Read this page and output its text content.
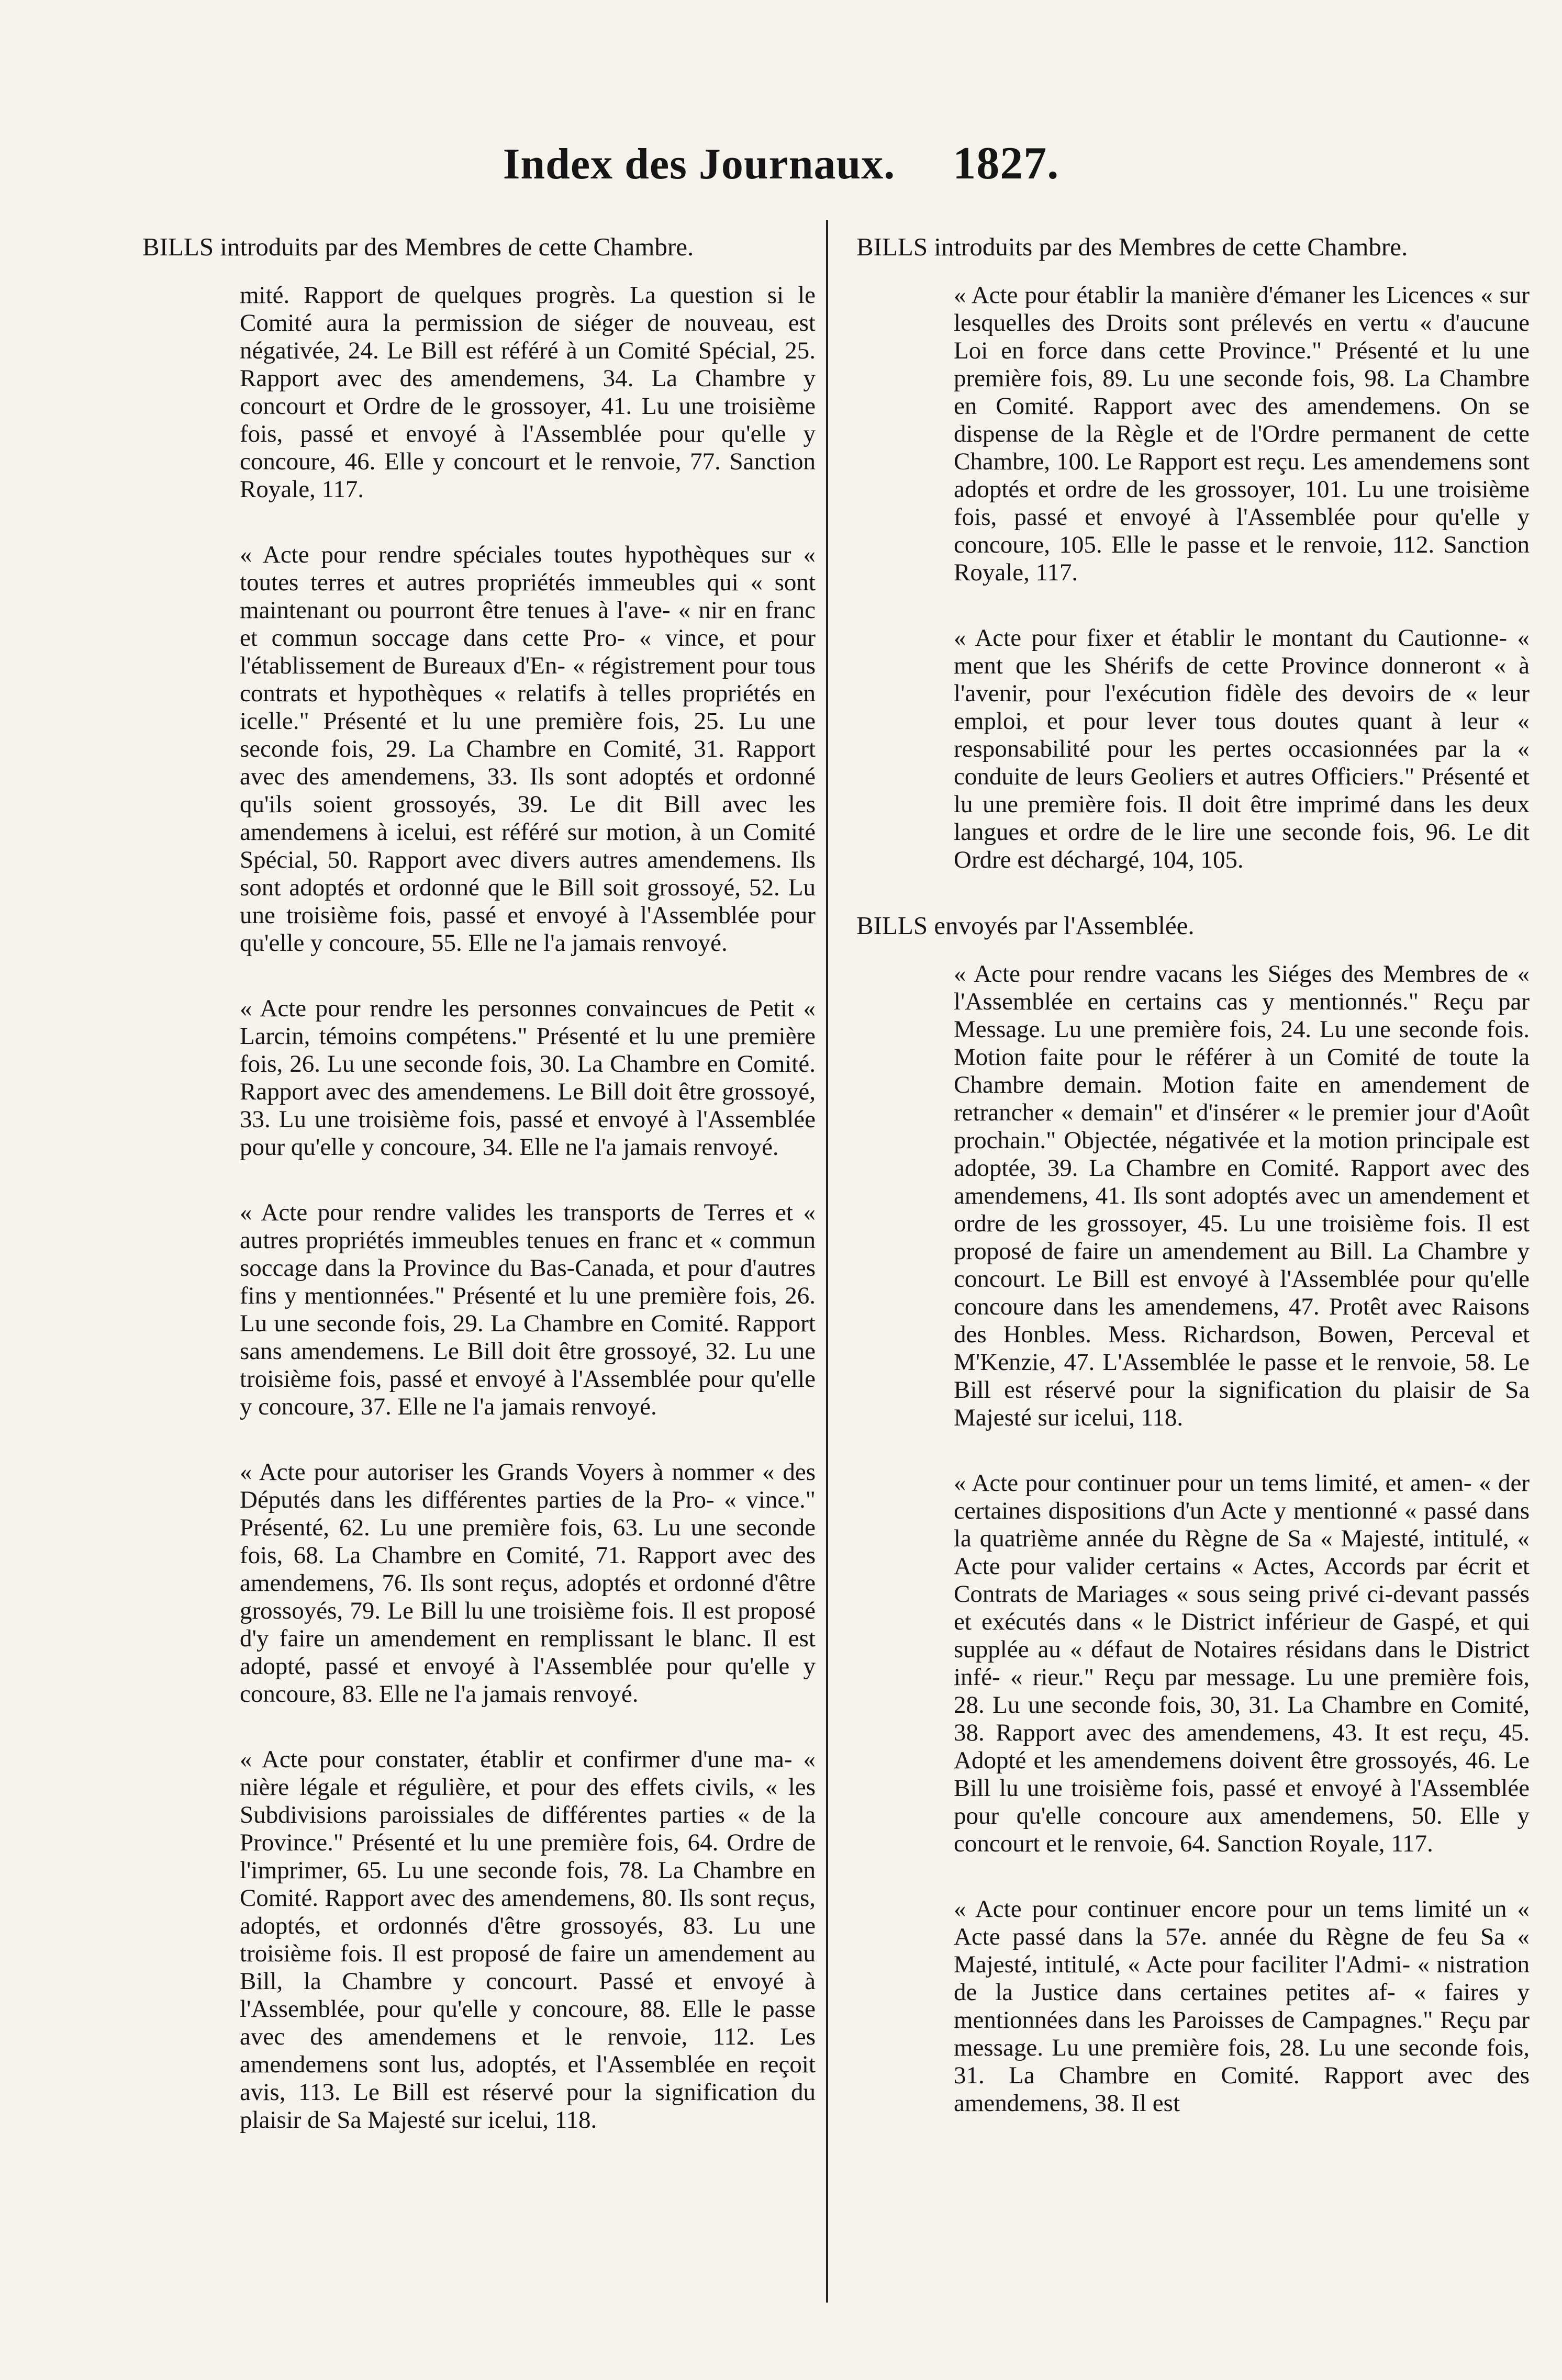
Index des Journaux. 1827.
BILLS introduits par des Membres de cette Chambre.

mité. Rapport de quelques progrès. La question si le Comité aura la permission de siéger de nouveau, est négativée, 24. Le Bill est référé à un Comité Spécial, 25. Rapport avec des amendemens, 34. La Chambre y concourt et Ordre de le grossoyer, 41. Lu une troisième fois, passé et envoyé à l'Assemblée pour qu'elle y concoure, 46. Elle y concourt et le renvoie, 77. Sanction Royale, 117.

« Acte pour rendre spéciales toutes hypothèques sur « toutes terres et autres propriétés immeubles qui « sont maintenant ou pourront être tenues à l'ave- « nir en franc et commun soccage dans cette Pro- « vince, et pour l'établissement de Bureaux d'En- « régistrement pour tous contrats et hypothèques « relatifs à telles propriétés en icelle." Présenté et lu une première fois, 25. Lu une seconde fois, 29. La Chambre en Comité, 31. Rapport avec des amendemens, 33. Ils sont adoptés et ordonné qu'ils soient grossoyés, 39. Le dit Bill avec les amendemens à icelui, est référé sur motion, à un Comité Spécial, 50. Rapport avec divers autres amendemens. Ils sont adoptés et ordonné que le Bill soit grossoyé, 52. Lu une troisième fois, passé et envoyé à l'Assemblée pour qu'elle y concoure, 55. Elle ne l'a jamais renvoyé.

« Acte pour rendre les personnes convaincues de Petit « Larcin, témoins compétens." Présenté et lu une première fois, 26. Lu une seconde fois, 30. La Chambre en Comité. Rapport avec des amendemens. Le Bill doit être grossoyé, 33. Lu une troisième fois, passé et envoyé à l'Assemblée pour qu'elle y concoure, 34. Elle ne l'a jamais renvoyé.

« Acte pour rendre valides les transports de Terres et « autres propriétés immeubles tenues en franc et « commun soccage dans la Province du Bas-Canada, et pour d'autres fins y mentionnées." Présenté et lu une première fois, 26. Lu une seconde fois, 29. La Chambre en Comité. Rapport sans amendemens. Le Bill doit être grossoyé, 32. Lu une troisième fois, passé et envoyé à l'Assemblée pour qu'elle y concoure, 37. Elle ne l'a jamais renvoyé.

« Acte pour autoriser les Grands Voyers à nommer « des Députés dans les différentes parties de la Pro- « vince." Présenté, 62. Lu une première fois, 63. Lu une seconde fois, 68. La Chambre en Comité, 71. Rapport avec des amendemens, 76. Ils sont reçus, adoptés et ordonné d'être grossoyés, 79. Le Bill lu une troisième fois. Il est proposé d'y faire un amendement en remplissant le blanc. Il est adopté, passé et envoyé à l'Assemblée pour qu'elle y concoure, 83. Elle ne l'a jamais renvoyé.

« Acte pour constater, établir et confirmer d'une ma- « nière légale et régulière, et pour des effets civils, « les Subdivisions paroissiales de différentes parties « de la Province." Présenté et lu une première fois, 64. Ordre de l'imprimer, 65. Lu une seconde fois, 78. La Chambre en Comité. Rapport avec des amendemens, 80. Ils sont reçus, adoptés, et ordonnés d'être grossoyés, 83. Lu une troisième fois. Il est proposé de faire un amendement au Bill, la Chambre y concourt. Passé et envoyé à l'Assemblée, pour qu'elle y concoure, 88. Elle le passe avec des amendemens et le renvoie, 112. Les amendemens sont lus, adoptés, et l'Assemblée en reçoit avis, 113. Le Bill est réservé pour la signification du plaisir de Sa Majesté sur icelui, 118.

BILLS introduits par des Membres de cette Chambre.

« Acte pour établir la manière d'émaner les Licences « sur lesquelles des Droits sont prélevés en vertu « d'aucune Loi en force dans cette Province." Présenté et lu une première fois, 89. Lu une seconde fois, 98. La Chambre en Comité. Rapport avec des amendemens. On se dispense de la Règle et de l'Ordre permanent de cette Chambre, 100. Le Rapport est reçu. Les amendemens sont adoptés et ordre de les grossoyer, 101. Lu une troisième fois, passé et envoyé à l'Assemblée pour qu'elle y concoure, 105. Elle le passe et le renvoie, 112. Sanction Royale, 117.

« Acte pour fixer et établir le montant du Cautionne- « ment que les Shérifs de cette Province donneront « à l'avenir, pour l'exécution fidèle des devoirs de « leur emploi, et pour lever tous doutes quant à leur « responsabilité pour les pertes occasionnées par la « conduite de leurs Geoliers et autres Officiers." Présenté et lu une première fois. Il doit être imprimé dans les deux langues et ordre de le lire une seconde fois, 96. Le dit Ordre est déchargé, 104, 105.

BILLS envoyés par l'Assemblée.

« Acte pour rendre vacans les Siéges des Membres de « l'Assemblée en certains cas y mentionnés." Reçu par Message. Lu une première fois, 24. Lu une seconde fois. Motion faite pour le référer à un Comité de toute la Chambre demain. Motion faite en amendement de retrancher « demain" et d'insérer « le premier jour d'Août prochain." Objectée, négativée et la motion principale est adoptée, 39. La Chambre en Comité. Rapport avec des amendemens, 41. Ils sont adoptés avec un amendement et ordre de les grossoyer, 45. Lu une troisième fois. Il est proposé de faire un amendement au Bill. La Chambre y concourt. Le Bill est envoyé à l'Assemblée pour qu'elle concoure dans les amendemens, 47. Protêt avec Raisons des Honbles. Mess. Richardson, Bowen, Perceval et M'Kenzie, 47. L'Assemblée le passe et le renvoie, 58. Le Bill est réservé pour la signification du plaisir de Sa Majesté sur icelui, 118.

« Acte pour continuer pour un tems limité, et amen- « der certaines dispositions d'un Acte y mentionné « passé dans la quatrième année du Règne de Sa « Majesté, intitulé, « Acte pour valider certains « Actes, Accords par écrit et Contrats de Mariages « sous seing privé ci-devant passés et exécutés dans « le District inférieur de Gaspé, et qui supplée au « défaut de Notaires résidans dans le District infé- « rieur." Reçu par message. Lu une première fois, 28. Lu une seconde fois, 30, 31. La Chambre en Comité, 38. Rapport avec des amendemens, 43. It est reçu, 45. Adopté et les amendemens doivent être grossoyés, 46. Le Bill lu une troisième fois, passé et envoyé à l'Assemblée pour qu'elle concoure aux amendemens, 50. Elle y concourt et le renvoie, 64. Sanction Royale, 117.

« Acte pour continuer encore pour un tems limité un « Acte passé dans la 57e. année du Règne de feu Sa « Majesté, intitulé, « Acte pour faciliter l'Admi- « nistration de la Justice dans certaines petites af- « faires y mentionnées dans les Paroisses de Campagnes." Reçu par message. Lu une première fois, 28. Lu une seconde fois, 31. La Chambre en Comité. Rapport avec des amendemens, 38. Il est
